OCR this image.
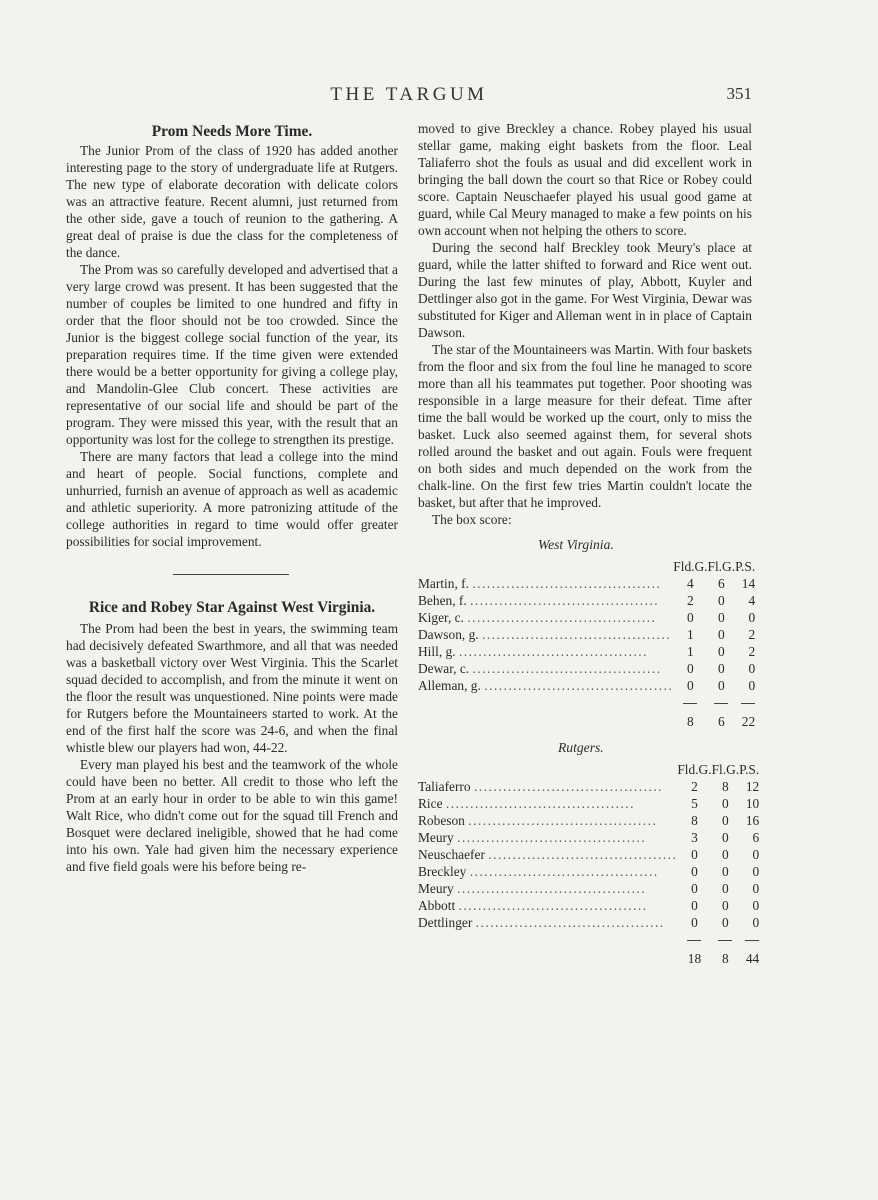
THE TARGUM	351
Prom Needs More Time.

The Junior Prom of the class of 1920 has added another interesting page to the story of undergraduate life at Rutgers. The new type of elaborate decoration with delicate colors was an attractive feature. Recent alumni, just returned from the other side, gave a touch of reunion to the gathering. A great deal of praise is due the class for the completeness of the dance.

The Prom was so carefully developed and advertised that a very large crowd was present. It has been suggested that the number of couples be limited to one hundred and fifty in order that the floor should not be too crowded. Since the Junior is the biggest college social function of the year, its preparation requires time. If the time given were extended there would be a better opportunity for giving a college play, and Mandolin-Glee Club concert. These activities are representative of our social life and should be part of the program. They were missed this year, with the result that an opportunity was lost for the college to strengthen its prestige.

There are many factors that lead a college into the mind and heart of people. Social functions, complete and unhurried, furnish an avenue of approach as well as academic and athletic superiority. A more patronizing attitude of the college authorities in regard to time would offer greater possibilities for social improvement.

Rice and Robey Star Against West Virginia.

The Prom had been the best in years, the swimming team had decisively defeated Swarthmore, and all that was needed was a basketball victory over West Virginia. This the Scarlet squad decided to accomplish, and from the minute it went on the floor the result was unquestioned. Nine points were made for Rutgers before the Mountaineers started to work. At the end of the first half the score was 24-6, and when the final whistle blew our players had won, 44-22.

Every man played his best and the teamwork of the whole could have been no better. All credit to those who left the Prom at an early hour in order to be able to win this game! Walt Rice, who didn't come out for the squad till French and Bosquet were declared ineligible, showed that he had come into his own. Yale had given him the necessary experience and five field goals were his before being re-

moved to give Breckley a chance. Robey played his usual stellar game, making eight baskets from the floor. Leal Taliaferro shot the fouls as usual and did excellent work in bringing the ball down the court so that Rice or Robey could score. Captain Neuschaefer played his usual good game at guard, while Cal Meury managed to make a few points on his own account when not helping the others to score.

During the second half Breckley took Meury's place at guard, while the latter shifted to forward and Rice went out. During the last few minutes of play, Abbott, Kuyler and Dettlinger also got in the game. For West Virginia, Dewar was substituted for Kiger and Alleman went in in place of Captain Dawson.

The star of the Mountaineers was Martin. With four baskets from the floor and six from the foul line he managed to score more than all his teammates put together. Poor shooting was responsible in a large measure for their defeat. Time after time the ball would be worked up the court, only to miss the basket. Luck also seemed against them, for several shots rolled around the basket and out again. Fouls were frequent on both sides and much depended on the work from the chalk-line. On the first few tries Martin couldn't locate the basket, but after that he improved.

The box score:

West Virginia.
	Fld.G.	Fl.G.	P.S.
Martin, f. .......................................	4	6	14
Behen, f. .......................................	2	0	4
Kiger, c. .......................................	0	0	0
Dawson, g. .......................................	1	0	2
Hill, g. .......................................	1	0	2
Dewar, c. .......................................	0	0	0
Alleman, g. .......................................	0	0	0

	8	6	22
Rutgers.
	Fld.G.	Fl.G.	P.S.
Taliaferro .......................................	2	8	12
Rice .......................................	5	0	10
Robeson .......................................	8	0	16
Meury .......................................	3	0	6
Neuschaefer .......................................	0	0	0
Breckley .......................................	0	0	0
Meury .......................................	0	0	0
Abbott .......................................	0	0	0
Dettlinger .......................................	0	0	0

	18	8	44
